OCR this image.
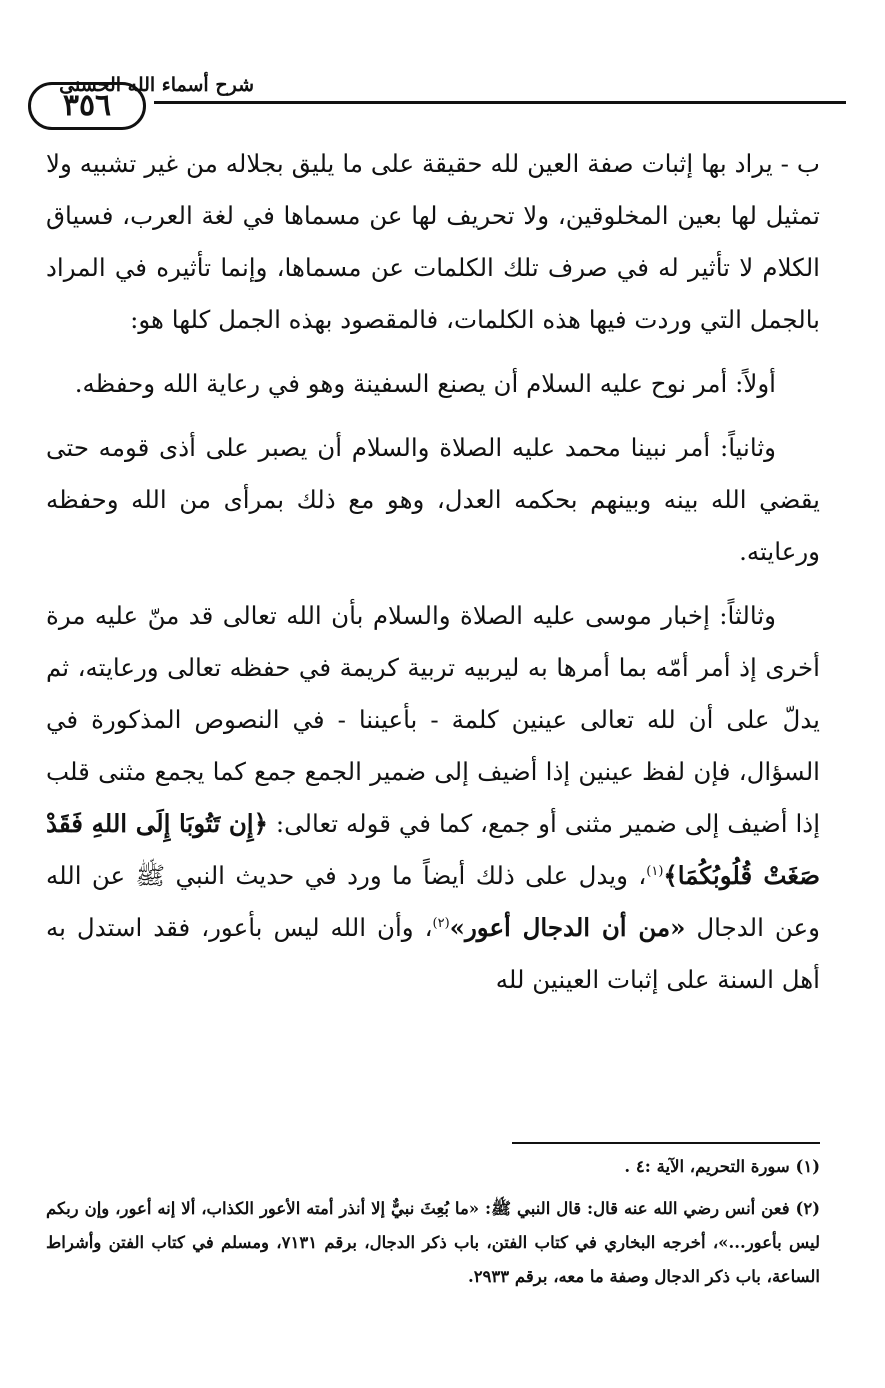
شرح أسماء الله الحسنى
٣٥٦

ب - يراد بها إثبات صفة العين لله حقيقة على ما يليق بجلاله من غير تشبيه ولا تمثيل لها بعين المخلوقين، ولا تحريف لها عن مسماها في لغة العرب، فسياق الكلام لا تأثير له في صرف تلك الكلمات عن مسماها، وإنما تأثيره في المراد بالجمل التي وردت فيها هذه الكلمات، فالمقصود بهذه الجمل كلها هو:

أولاً: أمر نوح عليه السلام أن يصنع السفينة وهو في رعاية الله وحفظه.

وثانياً: أمر نبينا محمد عليه الصلاة والسلام أن يصبر على أذى قومه حتى يقضي الله بينه وبينهم بحكمه العدل، وهو مع ذلك بمرأى من الله وحفظه ورعايته.

وثالثاً: إخبار موسى عليه الصلاة والسلام بأن الله تعالى قد منّ عليه مرة أخرى إذ أمر أمّه بما أمرها به ليربيه تربية كريمة في حفظه تعالى ورعايته، ثم يدلّ على أن لله تعالى عينين كلمة - بأعيننا - في النصوص المذكورة في السؤال، فإن لفظ عينين إذا أضيف إلى ضمير الجمع جمع كما يجمع مثنى قلب إذا أضيف إلى ضمير مثنى أو جمع، كما في قوله تعالى: ﴿إِن تَتُوبَا إِلَى اللهِ فَقَدْ صَغَتْ قُلُوبُكُمَا﴾$^{(١)}$، ويدل على ذلك أيضاً ما ورد في حديث النبي ﷺ عن الله وعن الدجال «من أن الدجال أعور»$^{(٢)}$، وأن الله ليس بأعور، فقد استدل به أهل السنة على إثبات العينين لله

(١) سورة التحريم، الآية :٤ .

(٢) فعن أنس رضي الله عنه قال: قال النبي ﷺ: «ما بُعِثَ نبيٌّ إلا أنذر أمته الأعور الكذاب، ألا إنه أعور، وإن ربكم ليس بأعور...»، أخرجه البخاري في كتاب الفتن، باب ذكر الدجال، برقم ٧١٣١، ومسلم في كتاب الفتن وأشراط الساعة، باب ذكر الدجال وصفة ما معه، برقم ٢٩٣٣.
